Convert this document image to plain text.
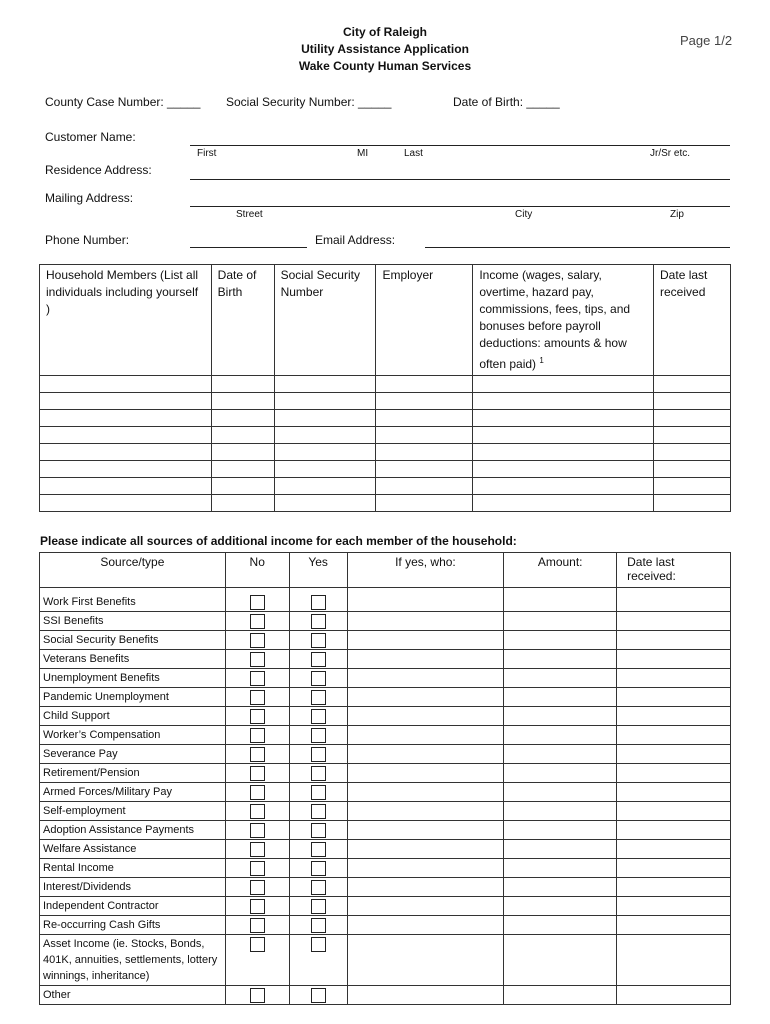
City of Raleigh
Utility Assistance Application
Wake County Human Services
Page 1/2
County Case Number: _____ Social Security Number: _____	Date of Birth: _____
Customer Name:
First	MI	Last	Jr/Sr etc.
Residence Address:
Mailing Address:
Street	City	Zip
Phone Number:	Email Address:
Household Members (List all individuals including yourself )	Date of Birth	Social Security Number	Employer	Income (wages, salary, overtime, hazard pay, commissions, fees, tips, and bonuses before payroll deductions: amounts & how often paid) $^1$	Date last received

Please indicate all sources of additional income for each member of the household:
Source/type	No	Yes	If yes, who:	Amount:	Date last received:
Work First Benefits	

SSI Benefits	

Social Security Benefits	

Veterans Benefits	

Unemployment Benefits	

Pandemic Unemployment	

Child Support	

Worker’s Compensation	

Severance Pay	

Retirement/Pension	

Armed Forces/Military Pay	

Self-employment	

Adoption Assistance Payments	

Welfare Assistance	

Rental Income	

Interest/Dividends	

Independent Contractor	

Re-occurring Cash Gifts	

Asset Income (ie. Stocks, Bonds, 401K, annuities, settlements, lottery winnings, inheritance)	

Other	
